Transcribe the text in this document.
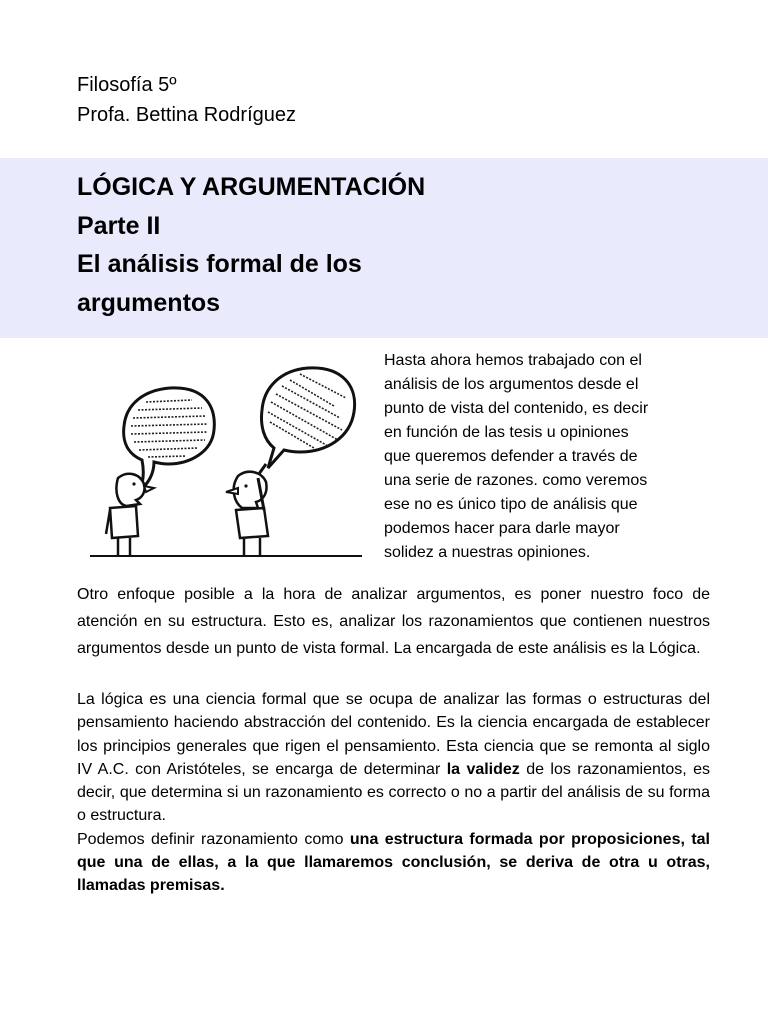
Filosofía 5º
Profa. Bettina Rodríguez
LÓGICA Y ARGUMENTACIÓN
Parte II
El análisis formal de los
argumentos
Hasta ahora hemos trabajado con el
análisis de los argumentos desde el
punto de vista del contenido, es decir
en función de las tesis u opiniones
que queremos defender a través de
una serie de razones. como veremos
ese no es único tipo de análisis que
podemos hacer para darle mayor
solidez a nuestras opiniones.
Otro enfoque posible a la hora de analizar argumentos, es poner nuestro foco de atención en su estructura. Esto es, analizar los razonamientos que contienen nuestros argumentos desde un punto de vista formal. La encargada de este análisis es la Lógica.
La lógica es una ciencia formal que se ocupa de analizar las formas o estructuras del pensamiento haciendo abstracción del contenido. Es la ciencia encargada de establecer los principios generales que rigen el pensamiento. Esta ciencia que se remonta al siglo IV A.C. con Aristóteles, se encarga de determinar la validez de los razonamientos, es decir, que determina si un razonamiento es correcto o no a partir del análisis de su forma o estructura.
Podemos definir razonamiento como una estructura formada por proposiciones, tal que una de ellas, a la que llamaremos conclusión, se deriva de otra u otras, llamadas premisas.
